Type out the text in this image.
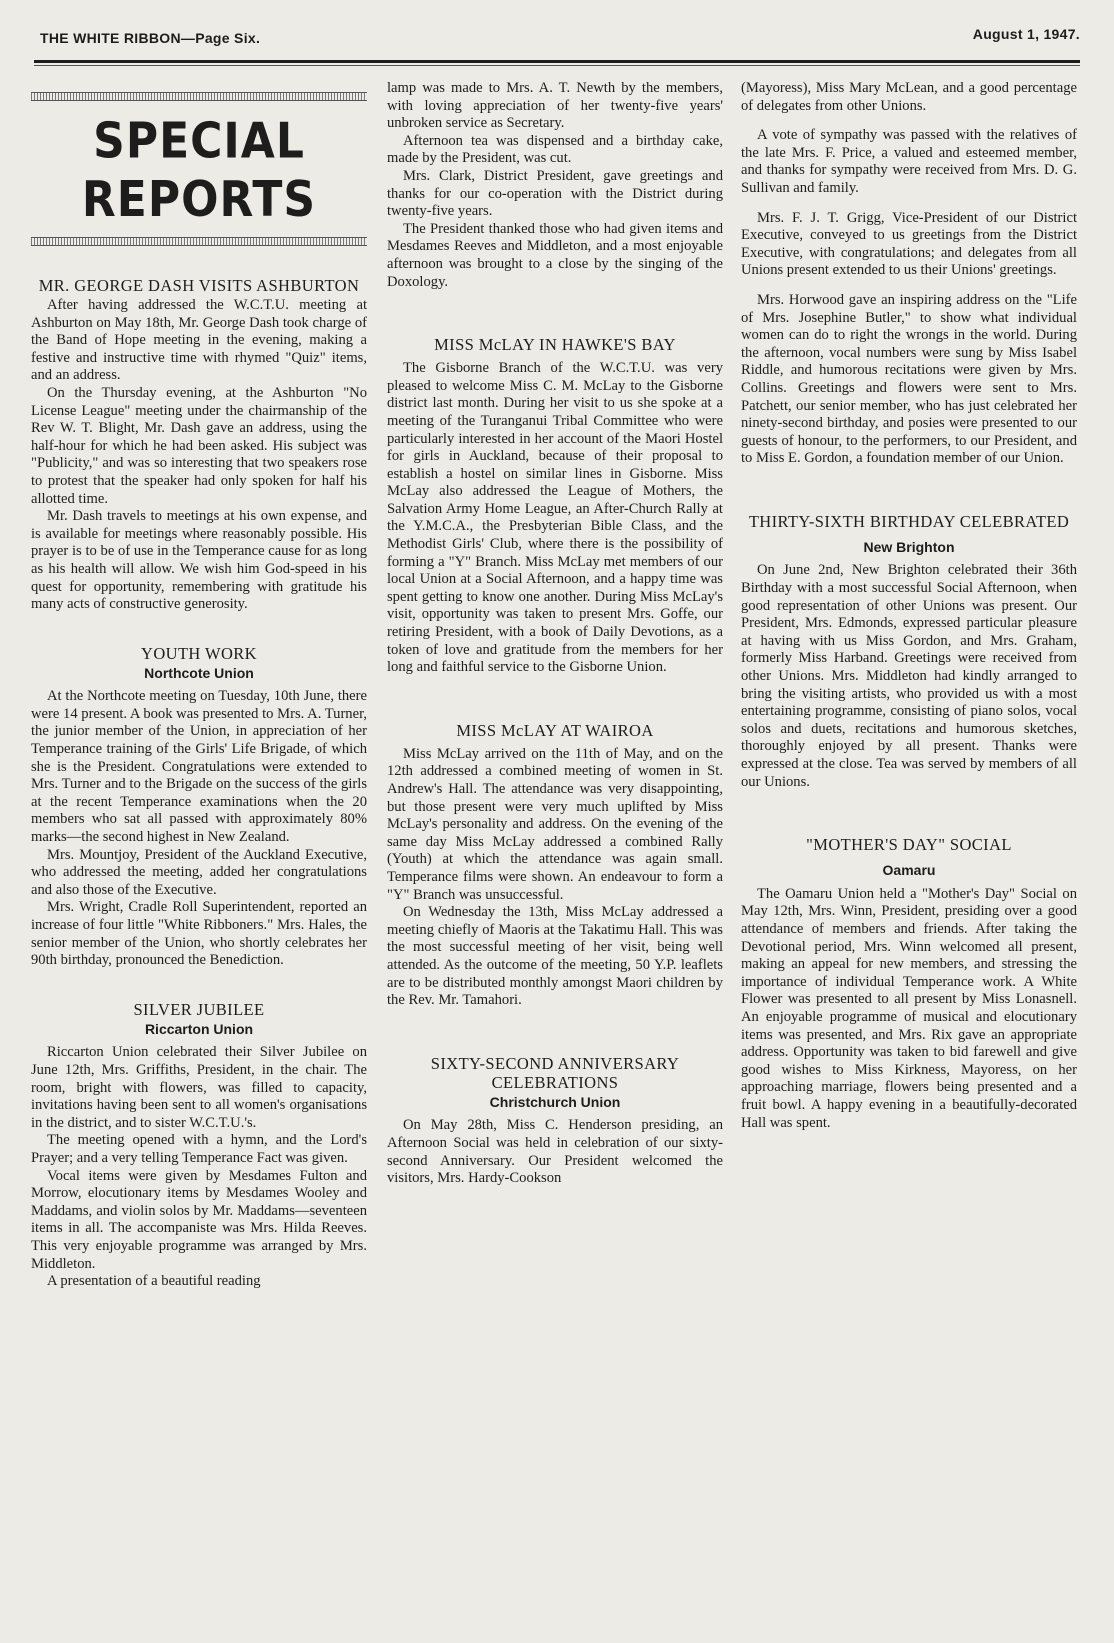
THE WHITE RIBBON—Page Six.	August 1, 1947.
SPECIAL REPORTS
MR. GEORGE DASH VISITS ASHBURTON

After having addressed the W.C.T.U. meeting at Ashburton on May 18th, Mr. George Dash took charge of the Band of Hope meeting in the evening, making a festive and instructive time with rhymed "Quiz" items, and an address.

On the Thursday evening, at the Ashburton "No License League" meeting under the chairmanship of the Rev W. T. Blight, Mr. Dash gave an address, using the half-hour for which he had been asked. His subject was "Publicity," and was so interesting that two speakers rose to protest that the speaker had only spoken for half his allotted time.

Mr. Dash travels to meetings at his own expense, and is available for meetings where reasonably possible. His prayer is to be of use in the Temperance cause for as long as his health will allow. We wish him God-speed in his quest for opportunity, remembering with gratitude his many acts of constructive generosity.

YOUTH WORK
Northcote Union

At the Northcote meeting on Tuesday, 10th June, there were 14 present. A book was presented to Mrs. A. Turner, the junior member of the Union, in appreciation of her Temperance training of the Girls' Life Brigade, of which she is the President. Congratulations were extended to Mrs. Turner and to the Brigade on the success of the girls at the recent Temperance examinations when the 20 members who sat all passed with approximately 80% marks—the second highest in New Zealand.

Mrs. Mountjoy, President of the Auckland Executive, who addressed the meeting, added her congratulations and also those of the Executive.

Mrs. Wright, Cradle Roll Superintendent, reported an increase of four little "White Ribboners." Mrs. Hales, the senior member of the Union, who shortly celebrates her 90th birthday, pronounced the Benediction.

SILVER JUBILEE
Riccarton Union

Riccarton Union celebrated their Silver Jubilee on June 12th, Mrs. Griffiths, President, in the chair. The room, bright with flowers, was filled to capacity, invitations having been sent to all women's organisations in the district, and to sister W.C.T.U.'s.

The meeting opened with a hymn, and the Lord's Prayer; and a very telling Temperance Fact was given.

Vocal items were given by Mesdames Fulton and Morrow, elocutionary items by Mesdames Wooley and Maddams, and violin solos by Mr. Maddams—seventeen items in all. The accompaniste was Mrs. Hilda Reeves. This very enjoyable programme was arranged by Mrs. Middleton.

A presentation of a beautiful reading

lamp was made to Mrs. A. T. Newth by the members, with loving appreciation of her twenty-five years' unbroken service as Secretary.

Afternoon tea was dispensed and a birthday cake, made by the President, was cut.

Mrs. Clark, District President, gave greetings and thanks for our co-operation with the District during twenty-five years.

The President thanked those who had given items and Mesdames Reeves and Middleton, and a most enjoyable afternoon was brought to a close by the singing of the Doxology.

MISS McLAY IN HAWKE'S BAY

The Gisborne Branch of the W.C.T.U. was very pleased to welcome Miss C. M. McLay to the Gisborne district last month. During her visit to us she spoke at a meeting of the Turanganui Tribal Committee who were particularly interested in her account of the Maori Hostel for girls in Auckland, because of their proposal to establish a hostel on similar lines in Gisborne. Miss McLay also addressed the League of Mothers, the Salvation Army Home League, an After-Church Rally at the Y.M.C.A., the Presbyterian Bible Class, and the Methodist Girls' Club, where there is the possibility of forming a "Y" Branch. Miss McLay met members of our local Union at a Social Afternoon, and a happy time was spent getting to know one another. During Miss McLay's visit, opportunity was taken to present Mrs. Goffe, our retiring President, with a book of Daily Devotions, as a token of love and gratitude from the members for her long and faithful service to the Gisborne Union.

MISS McLAY AT WAIROA

Miss McLay arrived on the 11th of May, and on the 12th addressed a combined meeting of women in St. Andrew's Hall. The attendance was very disappointing, but those present were very much uplifted by Miss McLay's personality and address. On the evening of the same day Miss McLay addressed a combined Rally (Youth) at which the attendance was again small. Temperance films were shown. An endeavour to form a "Y" Branch was unsuccessful.

On Wednesday the 13th, Miss McLay addressed a meeting chiefly of Maoris at the Takatimu Hall. This was the most successful meeting of her visit, being well attended. As the outcome of the meeting, 50 Y.P. leaflets are to be distributed monthly amongst Maori children by the Rev. Mr. Tamahori.

SIXTY-SECOND ANNIVERSARY CELEBRATIONS
Christchurch Union

On May 28th, Miss C. Henderson presiding, an Afternoon Social was held in celebration of our sixty-second Anniversary. Our President welcomed the visitors, Mrs. Hardy-Cookson

(Mayoress), Miss Mary McLean, and a good percentage of delegates from other Unions.

A vote of sympathy was passed with the relatives of the late Mrs. F. Price, a valued and esteemed member, and thanks for sympathy were received from Mrs. D. G. Sullivan and family.

Mrs. F. J. T. Grigg, Vice-President of our District Executive, conveyed to us greetings from the District Executive, with congratulations; and delegates from all Unions present extended to us their Unions' greetings.

Mrs. Horwood gave an inspiring address on the "Life of Mrs. Josephine Butler," to show what individual women can do to right the wrongs in the world. During the afternoon, vocal numbers were sung by Miss Isabel Riddle, and humorous recitations were given by Mrs. Collins. Greetings and flowers were sent to Mrs. Patchett, our senior member, who has just celebrated her ninety-second birthday, and posies were presented to our guests of honour, to the performers, to our President, and to Miss E. Gordon, a foundation member of our Union.

THIRTY-SIXTH BIRTHDAY CELEBRATED
New Brighton

On June 2nd, New Brighton celebrated their 36th Birthday with a most successful Social Afternoon, when good representation of other Unions was present. Our President, Mrs. Edmonds, expressed particular pleasure at having with us Miss Gordon, and Mrs. Graham, formerly Miss Harband. Greetings were received from other Unions. Mrs. Middleton had kindly arranged to bring the visiting artists, who provided us with a most entertaining programme, consisting of piano solos, vocal solos and duets, recitations and humorous sketches, thoroughly enjoyed by all present. Thanks were expressed at the close. Tea was served by members of all our Unions.

"MOTHER'S DAY" SOCIAL
Oamaru

The Oamaru Union held a "Mother's Day" Social on May 12th, Mrs. Winn, President, presiding over a good attendance of members and friends. After taking the Devotional period, Mrs. Winn welcomed all present, making an appeal for new members, and stressing the importance of individual Temperance work. A White Flower was presented to all present by Miss Lonasnell. An enjoyable programme of musical and elocutionary items was presented, and Mrs. Rix gave an appropriate address. Opportunity was taken to bid farewell and give good wishes to Miss Kirkness, Mayoress, on her approaching marriage, flowers being presented and a fruit bowl. A happy evening in a beautifully-decorated Hall was spent.
